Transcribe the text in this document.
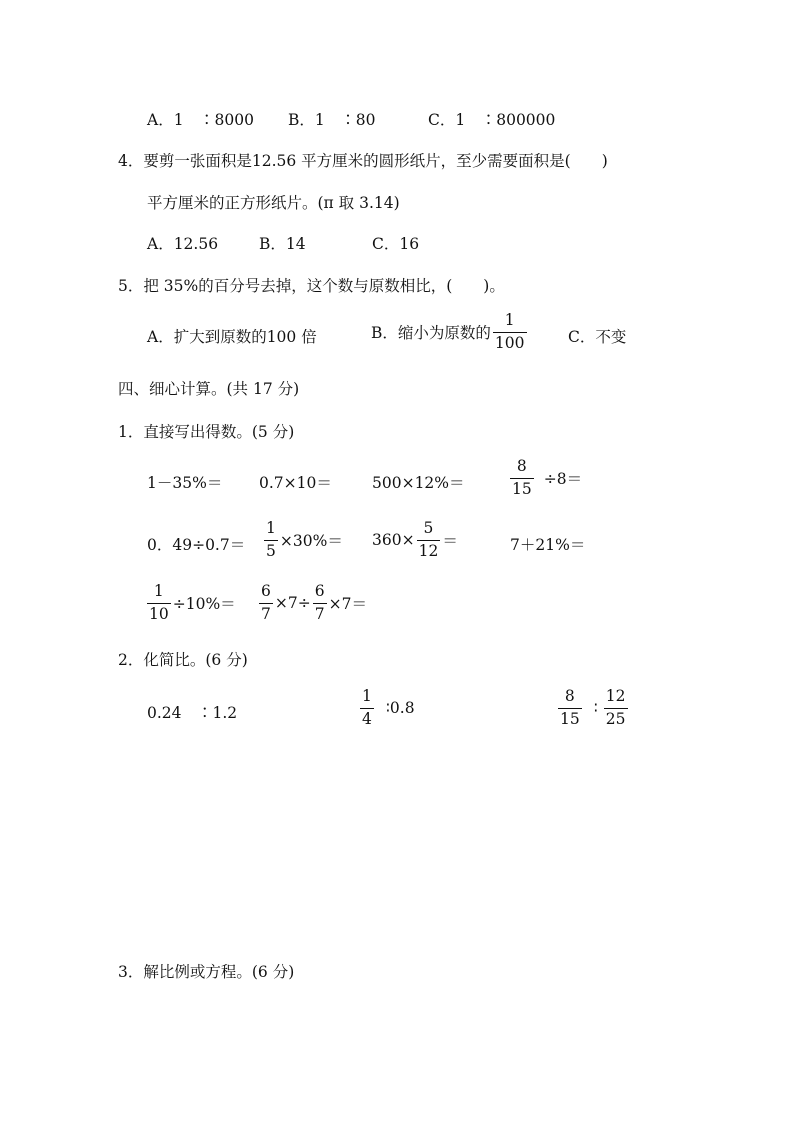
A．1　∶8000 B．1　∶80	C．1　∶800000
4．要剪一张面积是12.56 平方厘米的圆形纸片，至少需要面积是(　　)
平方厘米的正方形纸片。(π 取 3.14)
A．12.56	B．14	C．16
5．把 35%的百分号去掉，这个数与原数相比，(　　)。
A．扩大到原数的100 倍	B．缩小为原数的 $\frac{1}{100}$	C．不变
四、细心计算。(共 17 分)
1．直接写出得数。(5 分)
1－35%＝ 0.7×10＝	500×12%＝	$\frac{8}{15} \div 8=$
0．$49\div 0.7= \frac{1}{5} \times 30\%= 360\times \frac{5}{12}$ ＝	7＋21%＝
$\frac{1}{10} \div 10\%= \frac{6}{7} \times 7\div \frac{6}{7} \times 7=$
2．化简比。(6 分)
0.24　∶1.2	$\frac{1}{4}$ ∶0.8	$\frac{8}{15}$ ∶ $\frac{12}{25}$
3．解比例或方程。(6 分)
